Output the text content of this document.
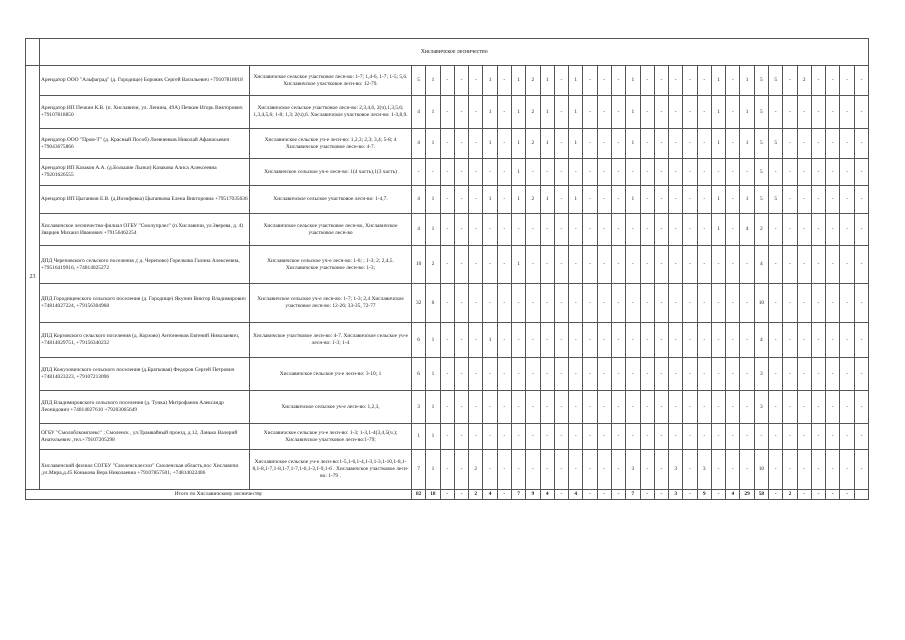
	Хиславичское лесничество																																	
23	Арендатор ООО "Альфаград" (д. Городище) Боровик Сергей Васильевич +79107818018	Хиславичское сельское участковое лесн-во: 1-7; 1,4-6, 1-7; 1-5; 5,6. Хиславичское участковое лесн-во: 12-79.	5	1	-	-	-	1	-	1	2	1	-	1	-	-	-	1	-	-	-	-	-	1	-	1	5	5	-	2	-	-	-	-
	Арендатор ИП Печкин К.В. (п. Хиславичи, ул. Ленина, 49А) Печкин Игорь Викторович +79107818850	Хиславичское сельское участковое лесн-во: 2,3,4,6, 2(ч),1,3,5,6; 1,3,4,5,6; 1-8; 1,3; 2(ч),6. Хиславичское участковое лесн-во: 1-3,8,9.	4	1	-	-	-	1	-	1	2	1	-	1	-	-	-	1	-	-	-	-	-	1	-	1	5	-	-	-	-	-	-	-
	Арендатор ООО "Пром-Т" (д. Красный Пособ) Лоевченков Николай Афанасьевич +79043675866	Хиславичское сельское уч-е лесн-во: 1,2,3; 2,3; 3,4; 5-8; 4 Хиславичское участковое лесн-во: 4-7.	4	1	-	-	-	1	-	1	2	1	-	1	-	-	-	1	-	-	-	-	-	1	-	1	5	5	-	-	-	-	-	-
	Арендатор ИП Казаков А.А. (д.Большие Лызки) Казакова Алиса Алексеевна +79201626555	Хиславичское сельское уч-е лесн-во: 1(4 часть),1(3 часть)	-	-	-	-	-	-	-	1	-	-	-	-	-	-	-	-	-	-	-	-	-	-	-	-	5	-	-	-	-	-	-	-
	Арендатор ИП Цыганков Е.В. (д.Иозифовка) Цыганкова Елена Викторовна +79517035036	Хиславичское сельское участковое лесн-во: 1-4,7.	4	1	-	-	-	1	-	1	2	1	-	1	-	-	-	1	-	-	-	-	-	1	-	1	5	5	-	-	-	-	-	-
	Хиславичское лесничество-филиал ОГБУ "Смолупрлес" (п.Хиславичи, ул.Зверева, д. 4) Зварцев Михаил Иванович +79156462254	Хиславичское сельское участковое лесн-во, Хиславичское участковое лесн-во	4	1	-	-	-	-	-	-	-	-	-	-	-	-	-	-	-	-	-	-	-	1	-	4	2	-	-	-	-	-	-	-
	ДПД Череповского сельского поселения ,( д. Черепово) Горелкова Галина Алексеевна, +79516419916, +74814025272	Хиславичское сельское уч-е лесн-во: 1-6; ; 1-3; 2; 2,4,5. Хиславичское участковое лесн-во: 1-3;	10	2	-	-	-	-	-	1	-	-	-	-	-	-	-	-	-	-	-	-	-	-	-	-	4	-	-	-	-	-	-	-
	ДПД Городищенского сельского поселения (д. Городище) Якупин Виктор Владимирович +74814027224, +79156304968	Хиславичское сельское уч-е лесн-во: 1-7; 1-3; 2,4 Хиславичское участковое лесн-во: 12-26; 33-35, 72-77	32	6	-	-	-	-	-	-	-	-	-	-	-	-	-	-	-	-	-	-	-	-	-	-	10	-	-	-	-	-	-	-
	ДПД Корзовского сельского поселения (д. Корзово) Антоненков Евгений Николаевич, +74814029751, +79156340232	Хиславичское участковое лесн-во: 4-7. Хиславичское сельское уч-е лесн-во: 1-3; 1-4	6	1	-	-	-	1	-	-	-	-	-	-	-	-	-	-	-	-	-	-	-	-	-	-	4	-	-	-	-	-	-	-
	ДПД Кожуховичского сельского поселения (д.Братковая) Федоров Сергей Петрович +74814023223, +79107213096	Хиславичское сельское уч-е лесн-во: 3-10; 1	6	1	-	-	-	-	-	-	-	-	-	-	-	-	-	-	-	-	-	-	-	-	-	-	3	-	-	-	-	-	-	-
	ДПД Владимировского сельского поселения (д. Тунка) Митрофанов Александр Леонидович +74814027610 +79203065649	Хиславичское сельское уч-е лесн-во: 1,2,3,	3	1	-	-	-	-	-	-	-	-	-	-	-	-	-	-	-	-	-	-	-	-	-	-	3	-	-	-	-	-	-	-
	ОГБУ "Смолоблкомплекс" ; Смоленск , ул.Трамвайный проезд, д.12, Ланько Валерий Анатольевич ,тел.+79107205298	Хиславичское сельское уч-е лесн-во: 1-3; 1-3,1-4(3,4,5(ч.); Хиславичское участковое лесн-во:1-79;	1	1	-	-	-	-	-	-	-	-	-	-	-	-	-	-	-	-	-	-	-	-	-	-	-	-	-	-	-	-	-	-
	Хиславичский филиал СОГБУ "Смоленсклесхоз" Смоленская область,пос Хиславичи ,ул.Мира,д.45 Конькова Вера Николаевна +79107857501, +74814022406	Хиславичское сельское уч-е лесн-во:1-5,1-6,1-4,1-3,1-3,1-10,1-8,1-8,1-8,1-7,1-8,1-7,1-7,1-6,1-3,1-9,1-6 . Хиславичское участковое лесн-во: 1-79 .	7	1	-	-	2	-	-	-	-	-	-	-	-	-	-	3	-	-	3	-	3	-	-	-	10	-	-	-	-	-	-	-
Итого по Хиславичскому лесничеству			82	18	-	-	2	4	-	7	9	4	-	4	-	-	-	7	-	-	3	-	9	-	4	29	58	-	2	-	-	-	-	
